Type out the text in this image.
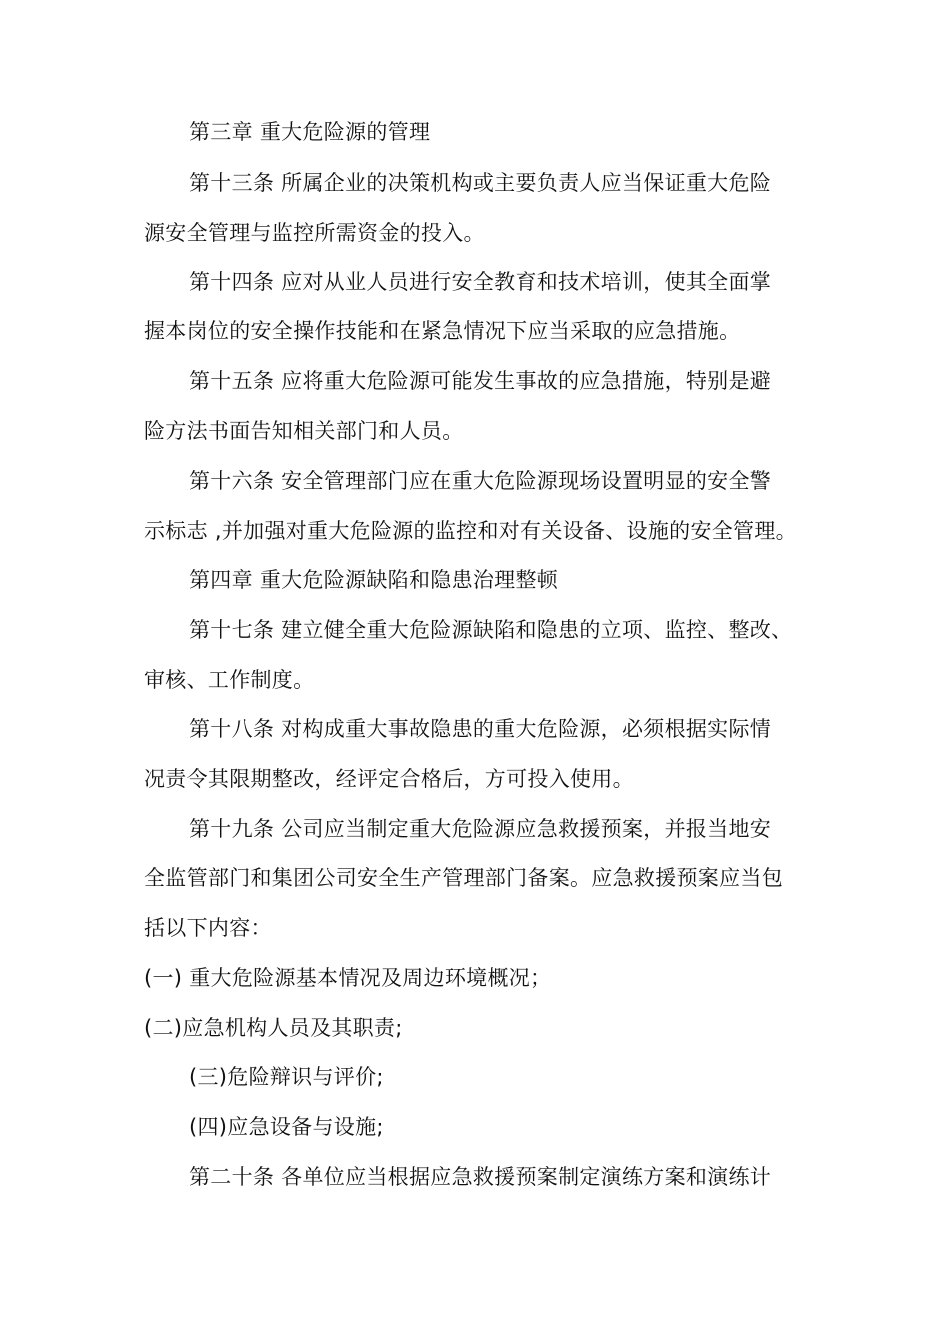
第三章 重大危险源的管理
第十三条 所属企业的决策机构或主要负责人应当保证重大危险
源安全管理与监控所需资金的投入。
第十四条 应对从业人员进行安全教育和技术培训，使其全面掌
握本岗位的安全操作技能和在紧急情况下应当采取的应急措施。
第十五条 应将重大危险源可能发生事故的应急措施，特别是避
险方法书面告知相关部门和人员。
第十六条 安全管理部门应在重大危险源现场设置明显的安全警
示标志 ,并加强对重大危险源的监控和对有关设备、设施的安全管理。
第四章 重大危险源缺陷和隐患治理整顿
第十七条 建立健全重大危险源缺陷和隐患的立项、监控、整改、
审核、工作制度。
第十八条 对构成重大事故隐患的重大危险源，必须根据实际情
况责令其限期整改，经评定合格后，方可投入使用。
第十九条 公司应当制定重大危险源应急救援预案，并报当地安
全监管部门和集团公司安全生产管理部门备案。应急救援预案应当包
括以下内容：
(一) 重大危险源基本情况及周边环境概况；
(二)应急机构人员及其职责;
(三)危险辩识与评价;
(四)应急设备与设施;
第二十条 各单位应当根据应急救援预案制定演练方案和演练计
